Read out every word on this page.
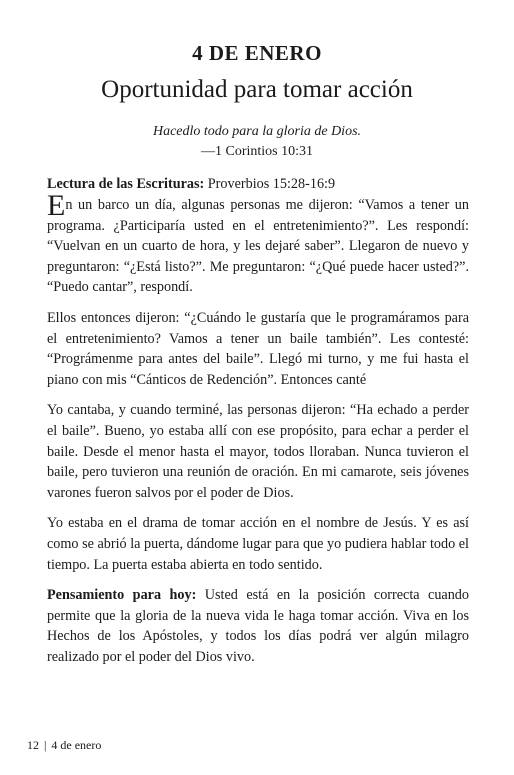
4 DE ENERO
Oportunidad para tomar acción
Hacedlo todo para la gloria de Dios.
—1 Corintios 10:31

Lectura de las Escrituras: Proverbios 15:28-16:9

En un barco un día, algunas personas me dijeron: “Vamos a tener un programa. ¿Participaría usted en el entretenimiento?”. Les respondí: “Vuelvan en un cuarto de hora, y les dejaré saber”. Llegaron de nuevo y preguntaron: “¿Está listo?”. Me preguntaron: “¿Qué puede hacer usted?”. “Puedo cantar”, respondí.

Ellos entonces dijeron: “¿Cuándo le gustaría que le programáramos para el entretenimiento? Vamos a tener un baile también”. Les contesté: “Prográmenme para antes del baile”. Llegó mi turno, y me fui hasta el piano con mis “Cánticos de Redención”. Entonces canté

Yo cantaba, y cuando terminé, las personas dijeron: “Ha echado a perder el baile”. Bueno, yo estaba allí con ese propósito, para echar a perder el baile. Desde el menor hasta el mayor, todos lloraban. Nunca tuvieron el baile, pero tuvieron una reunión de oración. En mi camarote, seis jóvenes varones fueron salvos por el poder de Dios.

Yo estaba en el drama de tomar acción en el nombre de Jesús. Y es así como se abrió la puerta, dándome lugar para que yo pudiera hablar todo el tiempo. La puerta estaba abierta en todo sentido.

Pensamiento para hoy: Usted está en la posición correcta cuando permite que la gloria de la nueva vida le haga tomar acción. Viva en los Hechos de los Apóstoles, y todos los días podrá ver algún milagro realizado por el poder del Dios vivo.

12 | 4 de enero
